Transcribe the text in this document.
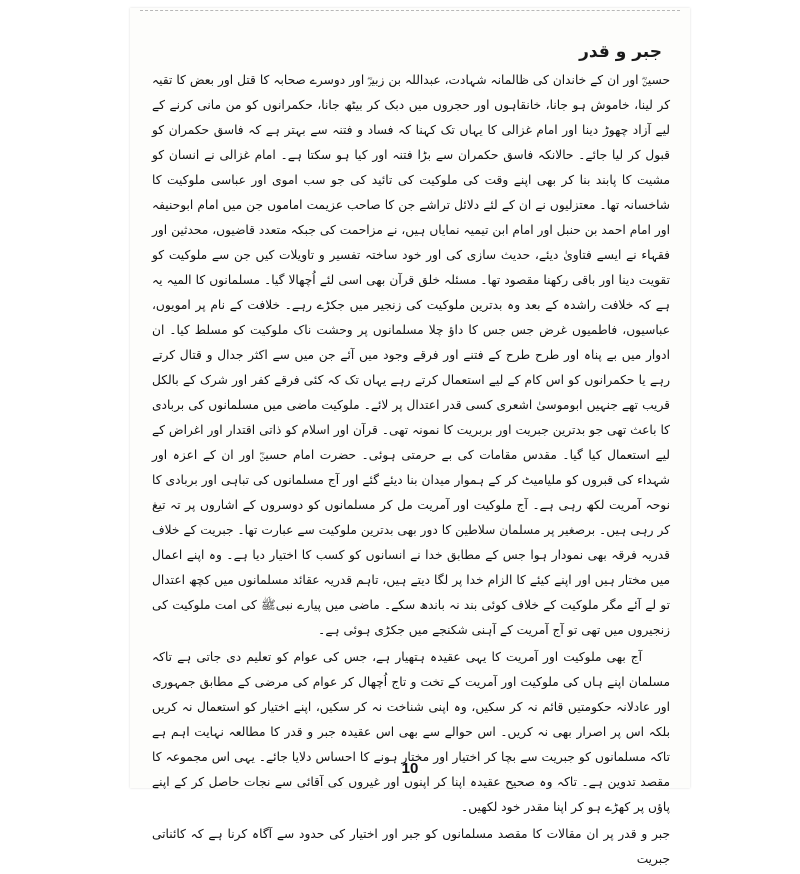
جبر و قدر

حسینؓ اور ان کے خاندان کی ظالمانہ شہادت، عبداللہ بن زبیرؓ اور دوسرے صحابہ کا قتل اور بعض کا تقیہ کر لینا، خاموش ہو جانا، خانقاہوں اور حجروں میں دبک کر بیٹھ جانا، حکمرانوں کو من مانی کرنے کے لیے آزاد چھوڑ دینا اور امام غزالی کا یہاں تک کہنا کہ فساد و فتنہ سے بہتر ہے کہ فاسق حکمران کو قبول کر لیا جائے۔ حالانکہ فاسق حکمران سے بڑا فتنہ اور کیا ہو سکتا ہے۔ امام غزالی نے انسان کو مشیت کا پابند بنا کر بھی اپنے وقت کی ملوکیت کی تائید کی جو سب اموی اور عباسی ملوکیت کا شاخسانہ تھا۔ معتزلیوں نے ان کے لئے دلائل تراشے جن کا صاحب عزیمت اماموں جن میں امام ابوحنیفہ اور امام احمد بن حنبل اور امام ابن تیمیہ نمایاں ہیں، نے مزاحمت کی جبکہ متعدد قاضیوں، محدثین اور فقہاء نے ایسے فتاویٰ دیئے، حدیث سازی کی اور خود ساختہ تفسیر و تاویلات کیں جن سے ملوکیت کو تقویت دینا اور باقی رکھنا مقصود تھا۔ مسئلہ خلق قرآن بھی اسی لئے اُچھالا گیا۔ مسلمانوں کا المیہ یہ ہے کہ خلافت راشدہ کے بعد وہ بدترین ملوکیت کی زنجیر میں جکڑے رہے۔ خلافت کے نام پر امویوں، عباسیوں، فاطمیوں غرض جس جس کا داؤ چلا مسلمانوں پر وحشت ناک ملوکیت کو مسلط کیا۔ ان ادوار میں بے پناہ اور طرح طرح کے فتنے اور فرقے وجود میں آئے جن میں سے اکثر جدال و قتال کرتے رہے یا حکمرانوں کو اس کام کے لیے استعمال کرتے رہے یہاں تک کہ کئی فرقے کفر اور شرک کے بالکل قریب تھے جنہیں ابوموسیٰ اشعری کسی قدر اعتدال پر لائے۔ ملوکیت ماضی میں مسلمانوں کی بربادی کا باعث تھی جو بدترین جبریت اور بربریت کا نمونہ تھی۔ قرآن اور اسلام کو ذاتی اقتدار اور اغراض کے لیے استعمال کیا گیا۔ مقدس مقامات کی بے حرمتی ہوئی۔ حضرت امام حسینؓ اور ان کے اعزہ اور شہداء کی قبروں کو ملیامیٹ کر کے ہموار میدان بنا دیئے گئے اور آج مسلمانوں کی تباہی اور بربادی کا نوحہ آمریت لکھ رہی ہے۔ آج ملوکیت اور آمریت مل کر مسلمانوں کو دوسروں کے اشاروں پر تہ تیغ کر رہی ہیں۔ برصغیر پر مسلمان سلاطین کا دور بھی بدترین ملوکیت سے عبارت تھا۔ جبریت کے خلاف قدریہ فرقہ بھی نمودار ہوا جس کے مطابق خدا نے انسانوں کو کسب کا اختیار دیا ہے۔ وہ اپنے اعمال میں مختار ہیں اور اپنے کیئے کا الزام خدا پر لگا دیتے ہیں، تاہم قدریہ عقائد مسلمانوں میں کچھ اعتدال تو لے آئے مگر ملوکیت کے خلاف کوئی بند نہ باندھ سکے۔ ماضی میں پیارے نبیﷺ کی امت ملوکیت کی زنجیروں میں تھی تو آج آمریت کے آہنی شکنجے میں جکڑی ہوئی ہے۔

آج بھی ملوکیت اور آمریت کا یہی عقیدہ ہتھیار ہے، جس کی عوام کو تعلیم دی جاتی ہے تاکہ مسلمان اپنے ہاں کی ملوکیت اور آمریت کے تخت و تاج اُچھال کر عوام کی مرضی کے مطابق جمہوری اور عادلانہ حکومتیں قائم نہ کر سکیں، وہ اپنی شناخت نہ کر سکیں، اپنے اختیار کو استعمال نہ کریں بلکہ اس پر اصرار بھی نہ کریں۔ اس حوالے سے بھی اس عقیدہ جبر و قدر کا مطالعہ نہایت اہم ہے تاکہ مسلمانوں کو جبریت سے بچا کر اختیار اور مختار ہونے کا احساس دلایا جائے۔ یہی اس مجموعہ کا مقصد تدوین ہے۔ تاکہ وہ صحیح عقیدہ اپنا کر اپنوں اور غیروں کی آقائی سے نجات حاصل کر کے اپنے پاؤں پر کھڑے ہو کر اپنا مقدر خود لکھیں۔

جبر و قدر پر ان مقالات کا مقصد مسلمانوں کو جبر اور اختیار کی حدود سے آگاہ کرنا ہے کہ کائناتی جبریت

10
